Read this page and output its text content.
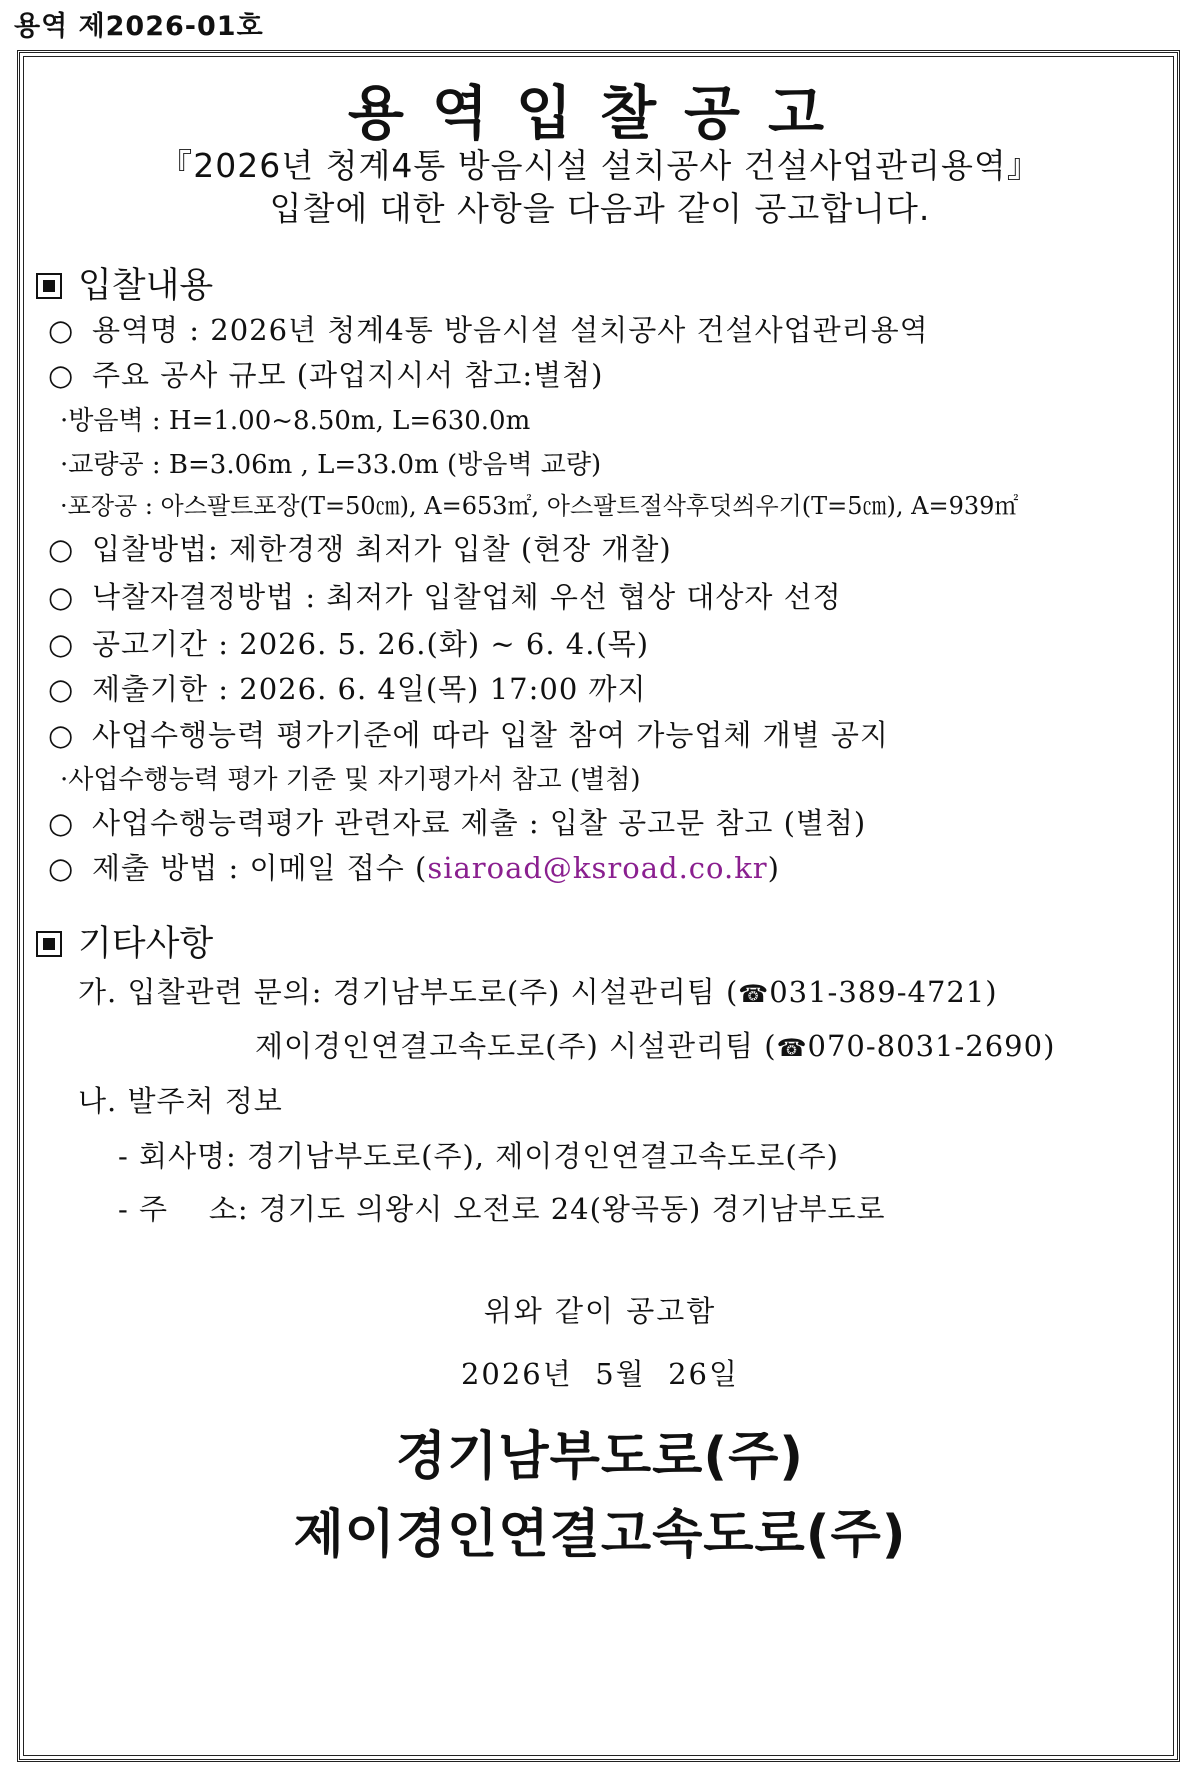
용역 제2026-01호
용역입찰공고
『2026년 청계4통 방음시설 설치공사 건설사업관리용역』
입찰에 대한 사항을 다음과 같이 공고합니다.
입찰내용
○ 용역명 : 2026년 청계4통 방음시설 설치공사 건설사업관리용역
○ 주요 공사 규모 (과업지시서 참고:별첨)
·방음벽 : H=1.00~8.50m, L=630.0m
·교량공 : B=3.06m , L=33.0m (방음벽 교량)
·포장공 : 아스팔트포장(T=50㎝), A=653㎡, 아스팔트절삭후덧씌우기(T=5㎝), A=939㎡
○ 입찰방법: 제한경쟁 최저가 입찰 (현장 개찰)
○ 낙찰자결정방법 : 최저가 입찰업체 우선 협상 대상자 선정
○ 공고기간 : 2026. 5. 26.(화) ~ 6. 4.(목)
○ 제출기한 : 2026. 6. 4일(목) 17:00 까지
○ 사업수행능력 평가기준에 따라 입찰 참여 가능업체 개별 공지
·사업수행능력 평가 기준 및 자기평가서 참고 (별첨)
○ 사업수행능력평가 관련자료 제출 : 입찰 공고문 참고 (별첨)
○ 제출 방법 : 이메일 접수 (siaroad@ksroad.co.kr)
기타사항
가. 입찰관련 문의: 경기남부도로(주) 시설관리팀 (☎031-389-4721)
제이경인연결고속도로(주) 시설관리팀 (☎070-8031-2690)
나. 발주처 정보
- 회사명: 경기남부도로(주), 제이경인연결고속도로(주)
- 주    소: 경기도 의왕시 오전로 24(왕곡동) 경기남부도로
위와 같이 공고함
2026년  5월  26일
경기남부도로(주)
제이경인연결고속도로(주)
